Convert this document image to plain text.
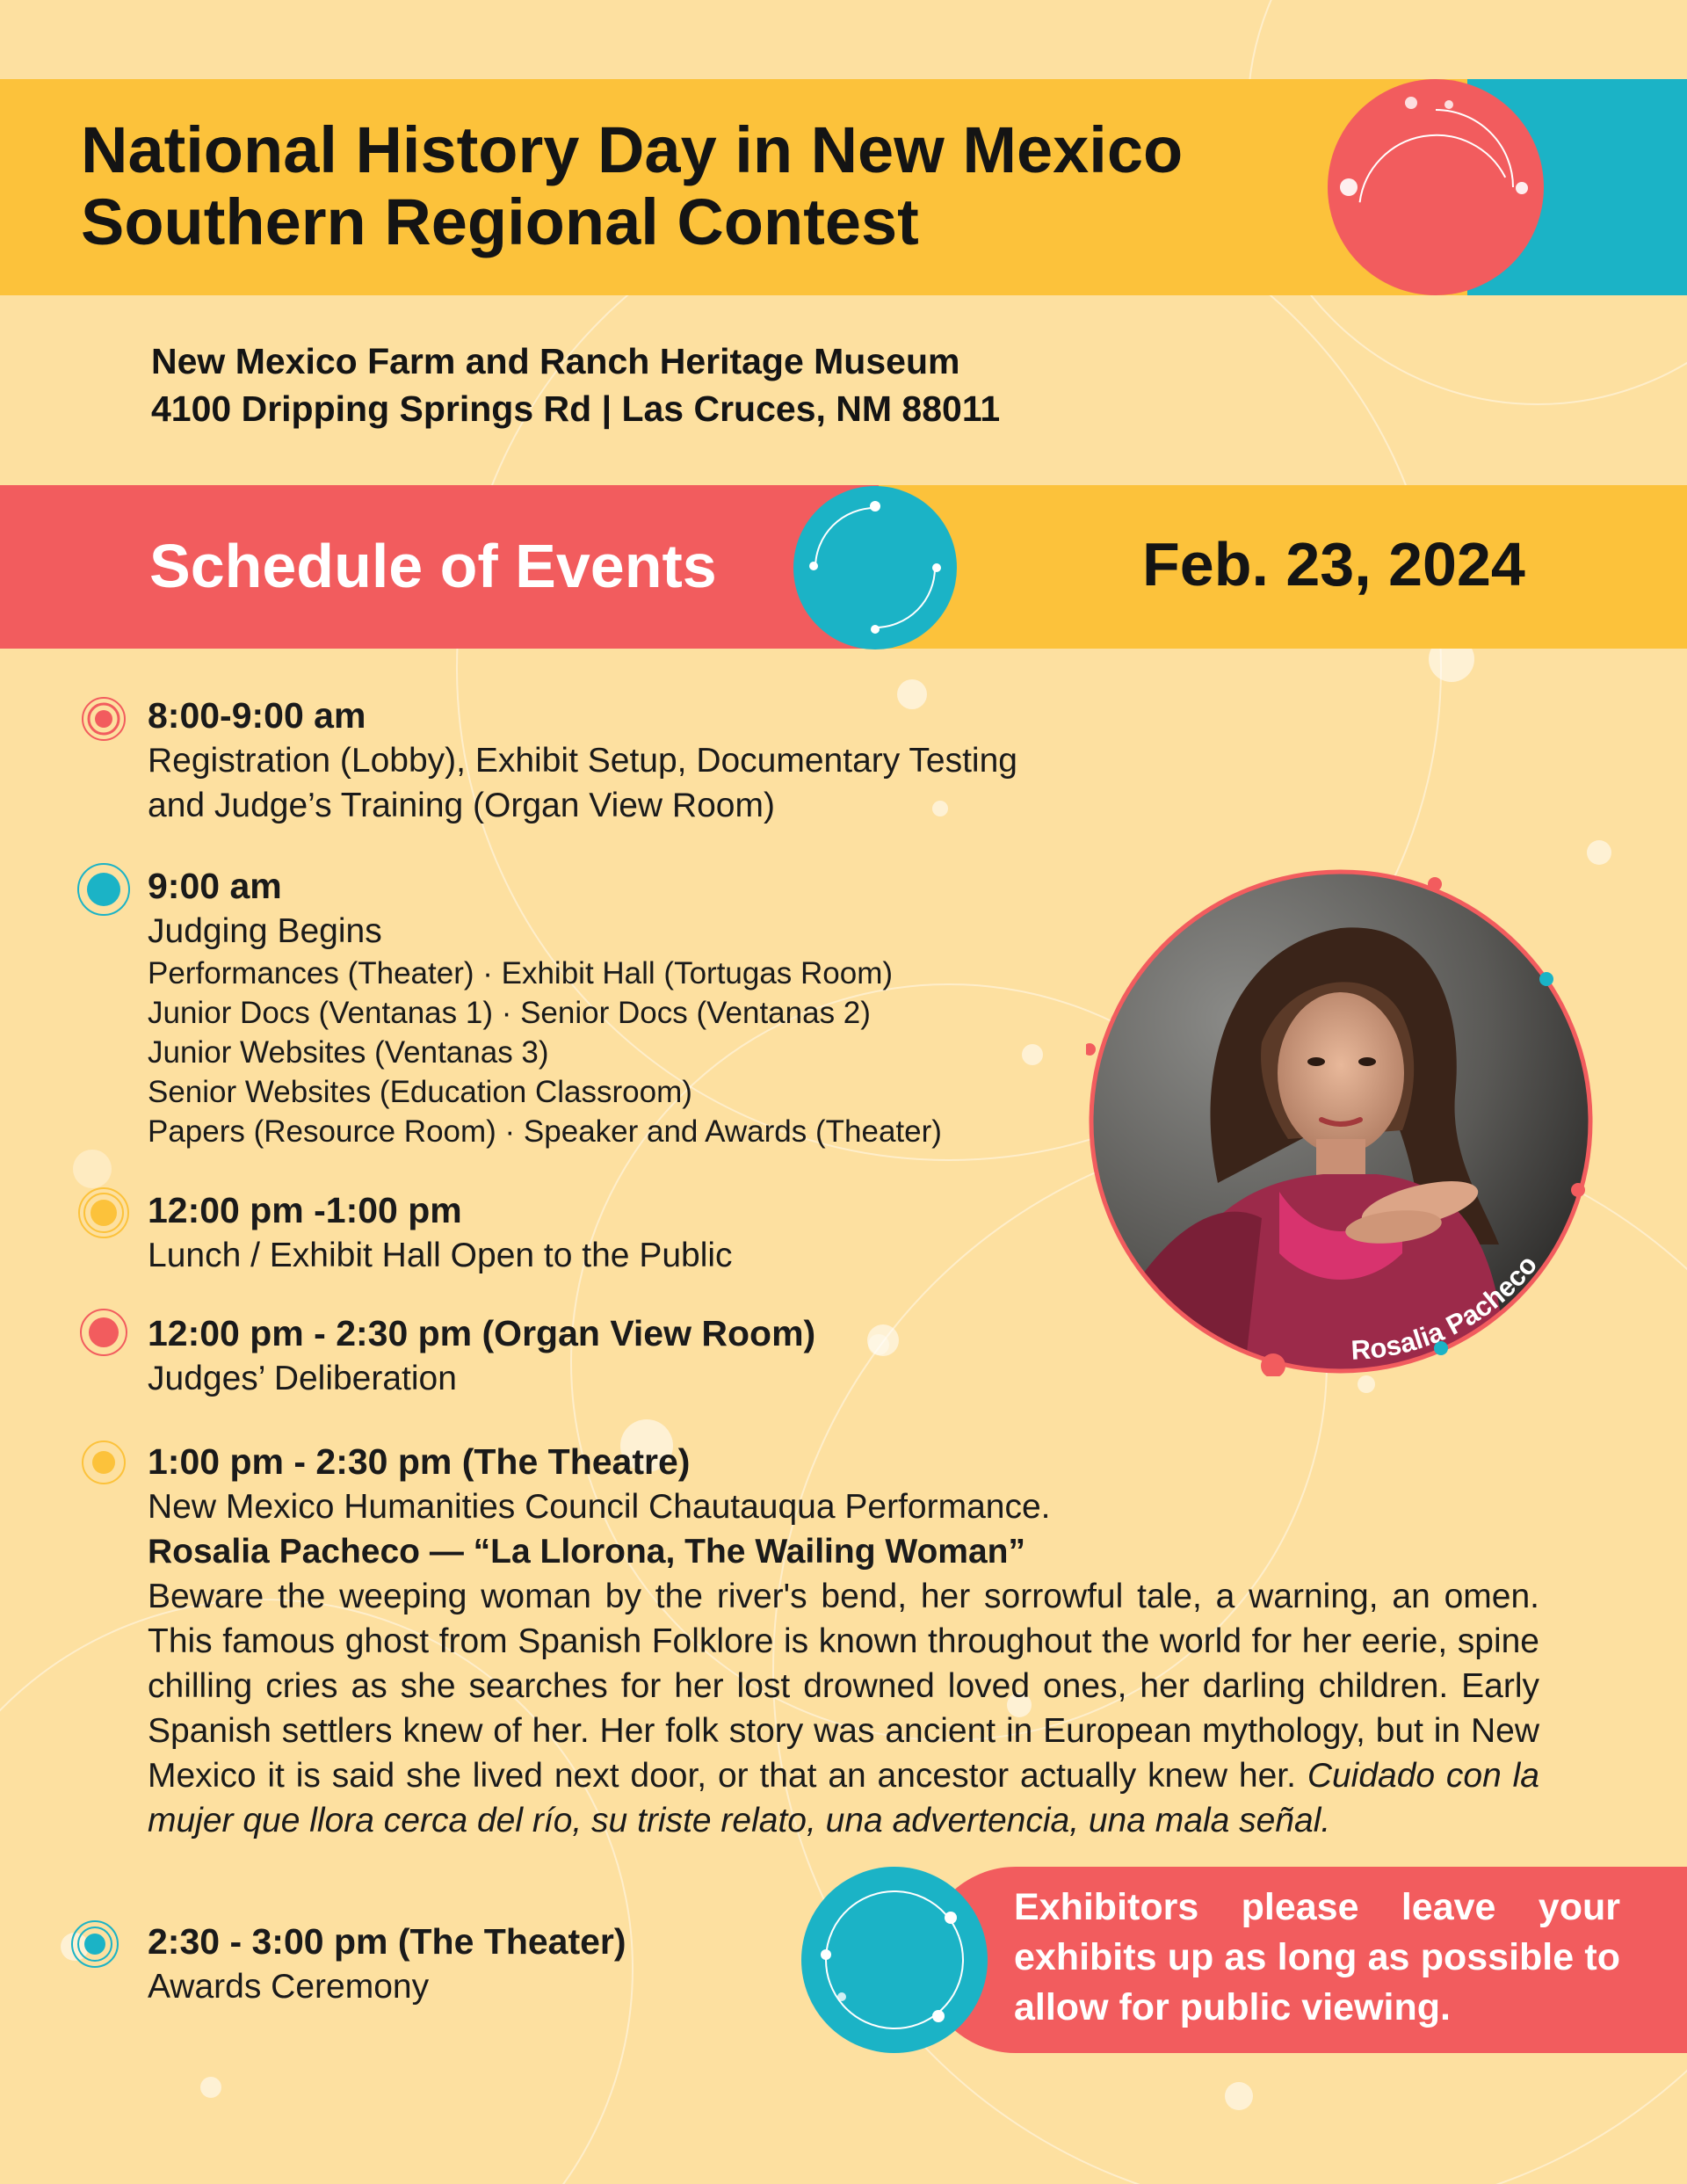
National History Day in New Mexico
Southern Regional Contest
New Mexico Farm and Ranch Heritage Museum
4100 Dripping Springs Rd | Las Cruces, NM 88011
Schedule of Events	Feb. 23, 2024
8:00-9:00 am
Registration (Lobby), Exhibit Setup, Documentary Testing
and Judge’s Training (Organ View Room)
9:00 am
Judging Begins
Performances (Theater) · Exhibit Hall (Tortugas Room)
Junior Docs (Ventanas 1) · Senior Docs (Ventanas 2)
Junior Websites (Ventanas 3)
Senior Websites (Education Classroom)
Papers (Resource Room) · Speaker and Awards (Theater)
12:00 pm -1:00 pm
Lunch / Exhibit Hall Open to the Public
12:00 pm - 2:30 pm (Organ View Room)
Judges’ Deliberation
1:00 pm - 2:30 pm (The Theatre)
New Mexico Humanities Council Chautauqua Performance.
Rosalia Pacheco — “La Llorona, The Wailing Woman”
Beware the weeping woman by the river's bend, her sorrowful tale, a warning, an omen. This famous ghost from Spanish Folklore is known throughout the world for her eerie, spine chilling cries as she searches for her lost drowned loved ones, her darling children. Early Spanish settlers knew of her. Her folk story was ancient in European mythology, but in New Mexico it is said she lived next door, or that an ancestor actually knew her. Cuidado con la mujer que llora cerca del río, su triste relato, una advertencia, una mala señal.
2:30 - 3:00 pm (The Theater)
Awards Ceremony
Rosalia Pacheco
Exhibitors please leave your exhibits up as long as possible to allow for public viewing.
